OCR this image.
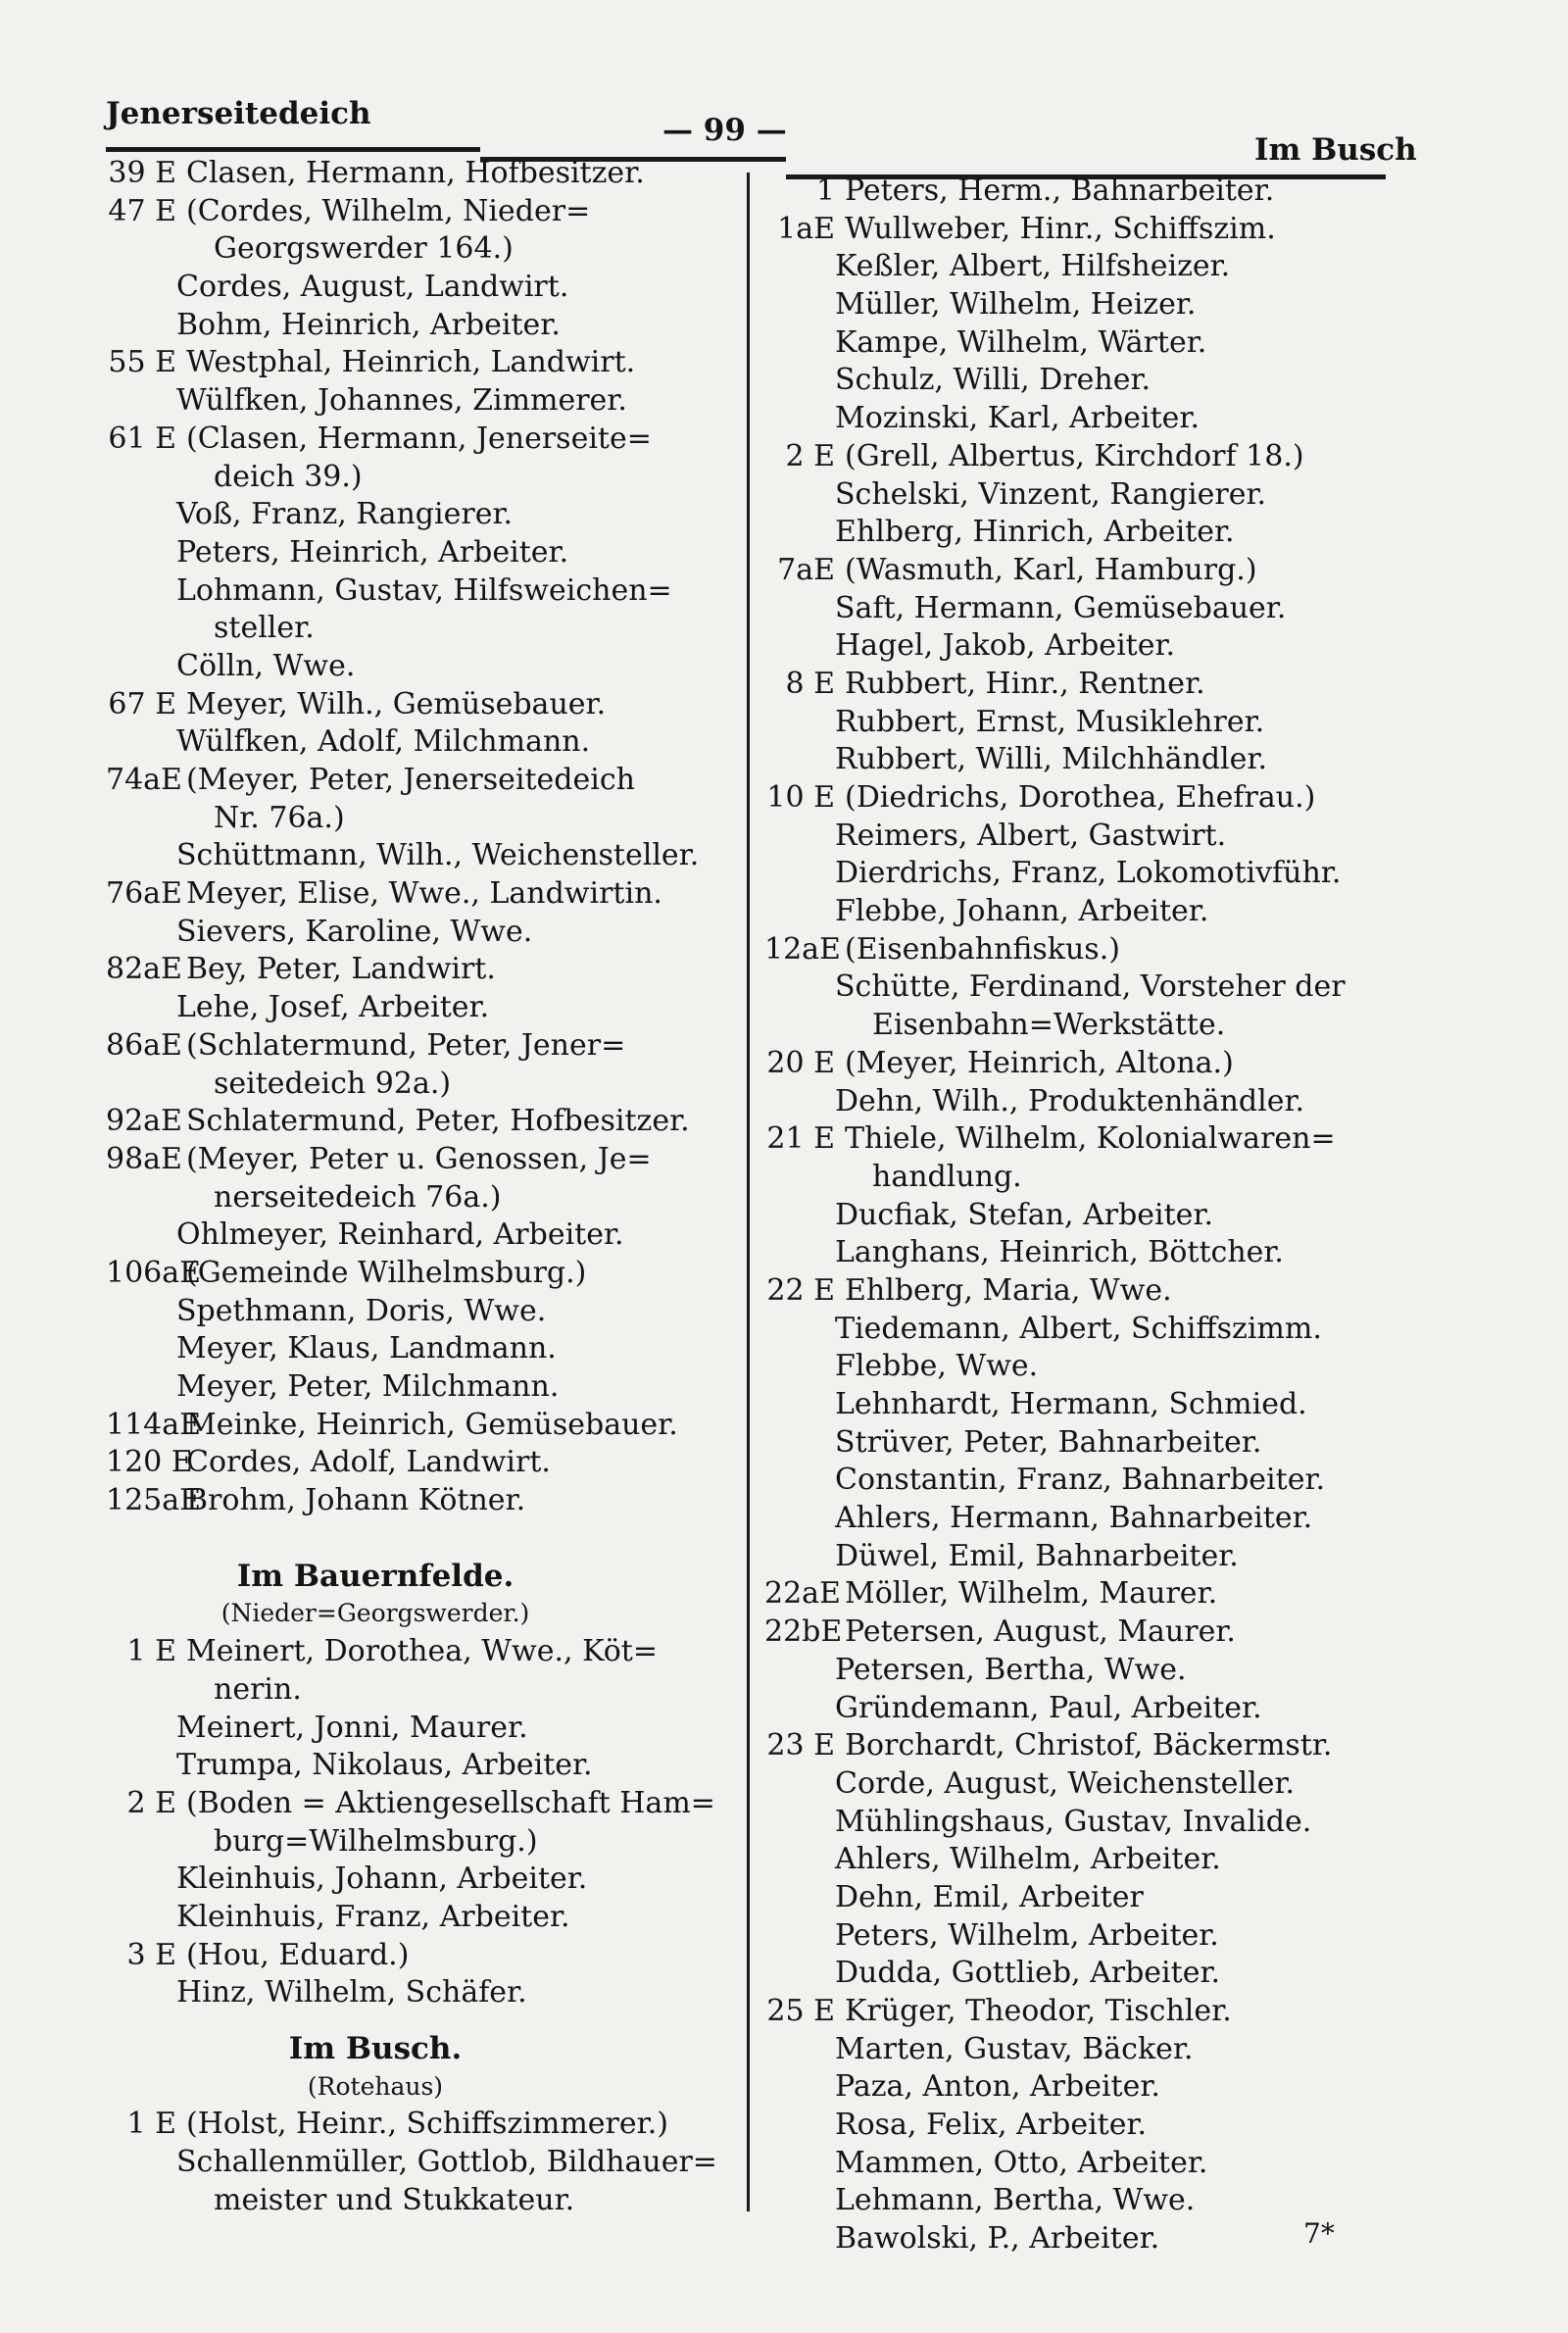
Jenerseitedeich	— 99 —
Im Busch
39 E Clasen, Hermann, Hofbesitzer.
47 E (Cordes, Wilhelm, Nieder=
Georgswerder 164.)
Cordes, August, Landwirt.
Bohm, Heinrich, Arbeiter.
55 E Westphal, Heinrich, Landwirt.
Wülfken, Johannes, Zimmerer.
61 E (Clasen, Hermann, Jenerseite=
deich 39.)
Voß, Franz, Rangierer.
Peters, Heinrich, Arbeiter.
Lohmann, Gustav, Hilfsweichen=
steller.
Cölln, Wwe.
67 E Meyer, Wilh., Gemüsebauer.
Wülfken, Adolf, Milchmann.
74aE (Meyer, Peter, Jenerseitedeich
Nr. 76a.)
Schüttmann, Wilh., Weichensteller.
76aE Meyer, Elise, Wwe., Landwirtin.
Sievers, Karoline, Wwe.
82aE Bey, Peter, Landwirt.
Lehe, Josef, Arbeiter.
86aE (Schlatermund, Peter, Jener=
seitedeich 92a.)
92aE Schlatermund, Peter, Hofbesitzer.
98aE (Meyer, Peter u. Genossen, Je=
nerseitedeich 76a.)
Ohlmeyer, Reinhard, Arbeiter.
106aE(Gemeinde Wilhelmsburg.)
Spethmann, Doris, Wwe.
Meyer, Klaus, Landmann.
Meyer, Peter, Milchmann.
114aEMeinke, Heinrich, Gemüsebauer.
120 ECordes, Adolf, Landwirt.
125aEBrohm, Johann Kötner.
Im Bauernfelde.
(Nieder=Georgswerder.)
1 E Meinert, Dorothea, Wwe., Köt=
nerin.
Meinert, Jonni, Maurer.
Trumpa, Nikolaus, Arbeiter.
2 E (Boden = Aktiengesellschaft Ham=
burg=Wilhelmsburg.)
Kleinhuis, Johann, Arbeiter.
Kleinhuis, Franz, Arbeiter.
3 E (Hou, Eduard.)
Hinz, Wilhelm, Schäfer.
Im Busch.
(Rotehaus)
1 E (Holst, Heinr., Schiffszimmerer.)
Schallenmüller, Gottlob, Bildhauer=
meister und Stukkateur.
1 Peters, Herm., Bahnarbeiter.
1aE Wullweber, Hinr., Schiffszim.
Keßler, Albert, Hilfsheizer.
Müller, Wilhelm, Heizer.
Kampe, Wilhelm, Wärter.
Schulz, Willi, Dreher.
Mozinski, Karl, Arbeiter.
2 E (Grell, Albertus, Kirchdorf 18.)
Schelski, Vinzent, Rangierer.
Ehlberg, Hinrich, Arbeiter.
7aE (Wasmuth, Karl, Hamburg.)
Saft, Hermann, Gemüsebauer.
Hagel, Jakob, Arbeiter.
8 E Rubbert, Hinr., Rentner.
Rubbert, Ernst, Musiklehrer.
Rubbert, Willi, Milchhändler.
10 E (Diedrichs, Dorothea, Ehefrau.)
Reimers, Albert, Gastwirt.
Dierdrichs, Franz, Lokomotivführ.
Flebbe, Johann, Arbeiter.
12aE (Eisenbahnfiskus.)
Schütte, Ferdinand, Vorsteher der
Eisenbahn=Werkstätte.
20 E (Meyer, Heinrich, Altona.)
Dehn, Wilh., Produktenhändler.
21 E Thiele, Wilhelm, Kolonialwaren=
handlung.
Ducfiak, Stefan, Arbeiter.
Langhans, Heinrich, Böttcher.
22 E Ehlberg, Maria, Wwe.
Tiedemann, Albert, Schiffszimm.
Flebbe, Wwe.
Lehnhardt, Hermann, Schmied.
Strüver, Peter, Bahnarbeiter.
Constantin, Franz, Bahnarbeiter.
Ahlers, Hermann, Bahnarbeiter.
Düwel, Emil, Bahnarbeiter.
22aE Möller, Wilhelm, Maurer.
22bEPetersen, August, Maurer.
Petersen, Bertha, Wwe.
Gründemann, Paul, Arbeiter.
23 E Borchardt, Christof, Bäckermstr.
Corde, August, Weichensteller.
Mühlingshaus, Gustav, Invalide.
Ahlers, Wilhelm, Arbeiter.
Dehn, Emil, Arbeiter
Peters, Wilhelm, Arbeiter.
Dudda, Gottlieb, Arbeiter.
25 E Krüger, Theodor, Tischler.
Marten, Gustav, Bäcker.
Paza, Anton, Arbeiter.
Rosa, Felix, Arbeiter.
Mammen, Otto, Arbeiter.
Lehmann, Bertha, Wwe.
Bawolski, P., Arbeiter.	7*
